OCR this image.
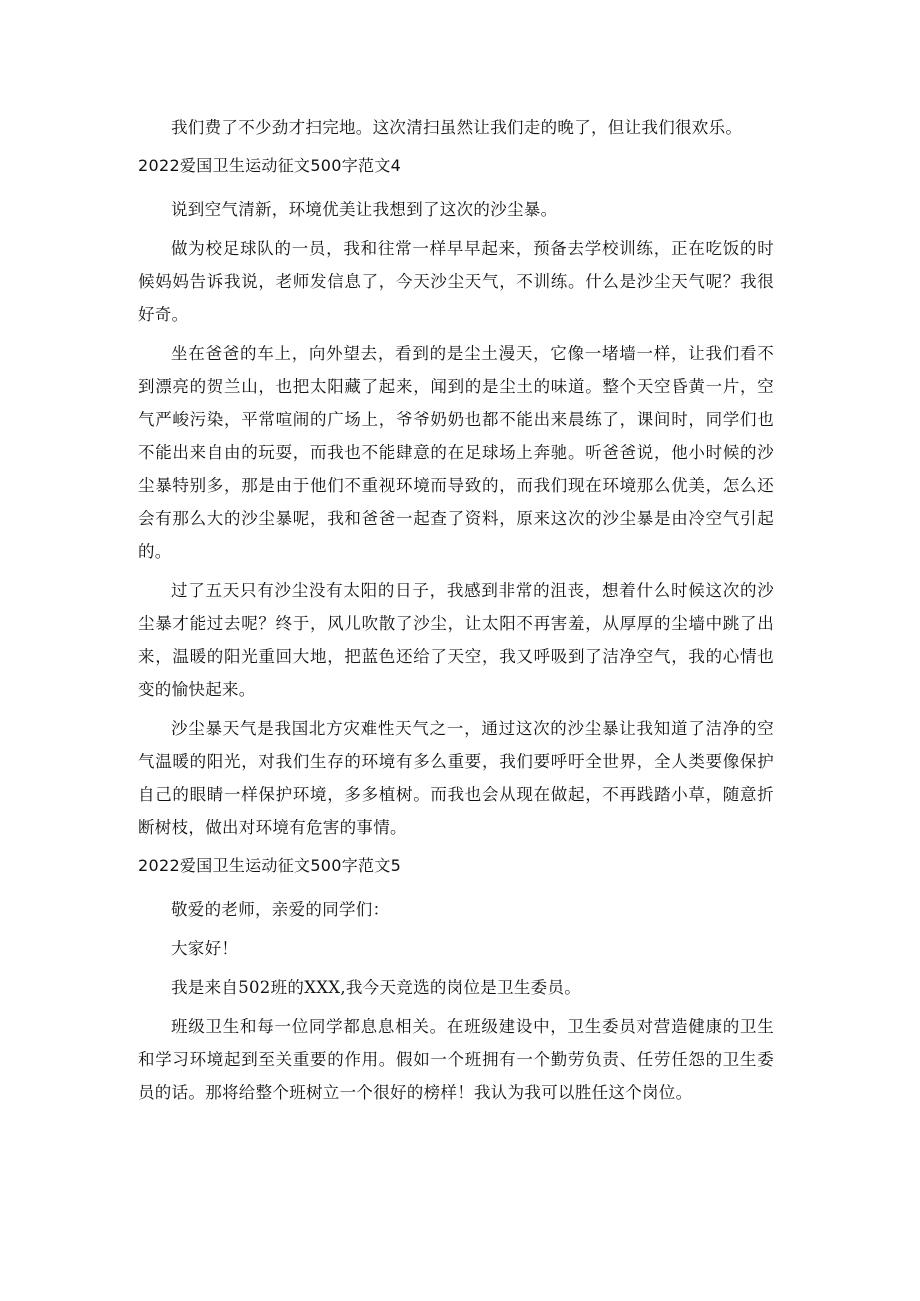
我们费了不少劲才扫完地。这次清扫虽然让我们走的晚了，但让我们很欢乐。

2022爱国卫生运动征文500字范文4

说到空气清新，环境优美让我想到了这次的沙尘暴。

做为校足球队的一员，我和往常一样早早起来，预备去学校训练，正在吃饭的时候妈妈告诉我说，老师发信息了，今天沙尘天气，不训练。什么是沙尘天气呢？我很好奇。

坐在爸爸的车上，向外望去，看到的是尘土漫天，它像一堵墙一样，让我们看不到漂亮的贺兰山，也把太阳藏了起来，闻到的是尘土的味道。整个天空昏黄一片，空气严峻污染，平常喧闹的广场上，爷爷奶奶也都不能出来晨练了，课间时，同学们也不能出来自由的玩耍，而我也不能肆意的在足球场上奔驰。听爸爸说，他小时候的沙尘暴特别多，那是由于他们不重视环境而导致的，而我们现在环境那么优美，怎么还会有那么大的沙尘暴呢，我和爸爸一起查了资料，原来这次的沙尘暴是由冷空气引起的。

过了五天只有沙尘没有太阳的日子，我感到非常的沮丧，想着什么时候这次的沙尘暴才能过去呢？终于，风儿吹散了沙尘，让太阳不再害羞，从厚厚的尘墙中跳了出来，温暖的阳光重回大地，把蓝色还给了天空，我又呼吸到了洁净空气，我的心情也变的愉快起来。

沙尘暴天气是我国北方灾难性天气之一，通过这次的沙尘暴让我知道了洁净的空气温暖的阳光，对我们生存的环境有多么重要，我们要呼吁全世界，全人类要像保护自己的眼睛一样保护环境，多多植树。而我也会从现在做起，不再践踏小草，随意折断树枝，做出对环境有危害的事情。

2022爱国卫生运动征文500字范文5

敬爱的老师，亲爱的同学们：

大家好！

我是来自502班的XXX,我今天竞选的岗位是卫生委员。

班级卫生和每一位同学都息息相关。在班级建设中，卫生委员对营造健康的卫生和学习环境起到至关重要的作用。假如一个班拥有一个勤劳负责、任劳任怨的卫生委员的话。那将给整个班树立一个很好的榜样！我认为我可以胜任这个岗位。
